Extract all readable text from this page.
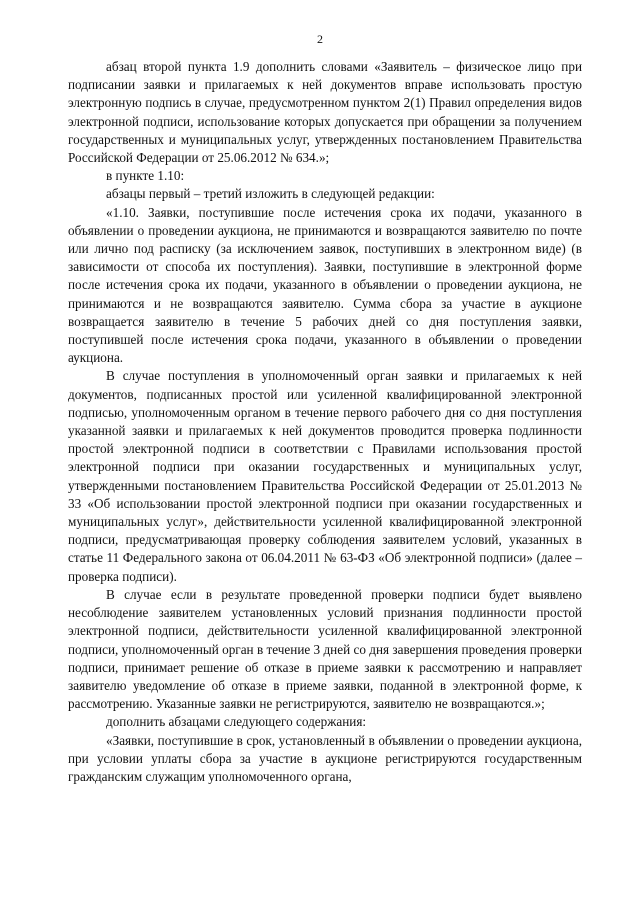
2

абзац второй пункта 1.9 дополнить словами «Заявитель – физическое лицо при подписании заявки и прилагаемых к ней документов вправе использовать простую электронную подпись в случае, предусмотренном пунктом 2(1) Правил определения видов электронной подписи, использование которых допускается при обращении за получением государственных и муниципальных услуг, утвержденных постановлением Правительства Российской Федерации от 25.06.2012 № 634.»;

в пункте 1.10:

абзацы первый – третий изложить в следующей редакции:

«1.10. Заявки, поступившие после истечения срока их подачи, указанного в объявлении о проведении аукциона, не принимаются и возвращаются заявителю по почте или лично под расписку (за исключением заявок, поступивших в электронном виде) (в зависимости от способа их поступления). Заявки, поступившие в электронной форме после истечения срока их подачи, указанного в объявлении о проведении аукциона, не принимаются и не возвращаются заявителю. Сумма сбора за участие в аукционе возвращается заявителю в течение 5 рабочих дней со дня поступления заявки, поступившей после истечения срока подачи, указанного в объявлении о проведении аукциона.

В случае поступления в уполномоченный орган заявки и прилагаемых к ней документов, подписанных простой или усиленной квалифицированной электронной подписью, уполномоченным органом в течение первого рабочего дня со дня поступления указанной заявки и прилагаемых к ней документов проводится проверка подлинности простой электронной подписи в соответствии с Правилами использования простой электронной подписи при оказании государственных и муниципальных услуг, утвержденными постановлением Правительства Российской Федерации от 25.01.2013 № 33 «Об использовании простой электронной подписи при оказании государственных и муниципальных услуг», действительности усиленной квалифицированной электронной подписи, предусматривающая проверку соблюдения заявителем условий, указанных в статье 11 Федерального закона от 06.04.2011 № 63-ФЗ «Об электронной подписи» (далее – проверка подписи).

В случае если в результате проведенной проверки подписи будет выявлено несоблюдение заявителем установленных условий признания подлинности простой электронной подписи, действительности усиленной квалифицированной электронной подписи, уполномоченный орган в течение 3 дней со дня завершения проведения проверки подписи, принимает решение об отказе в приеме заявки к рассмотрению и направляет заявителю уведомление об отказе в приеме заявки, поданной в электронной форме, к рассмотрению. Указанные заявки не регистрируются, заявителю не возвращаются.»;

дополнить абзацами следующего содержания:

«Заявки, поступившие в срок, установленный в объявлении о проведении аукциона, при условии уплаты сбора за участие в аукционе регистрируются государственным гражданским служащим уполномоченного органа,
